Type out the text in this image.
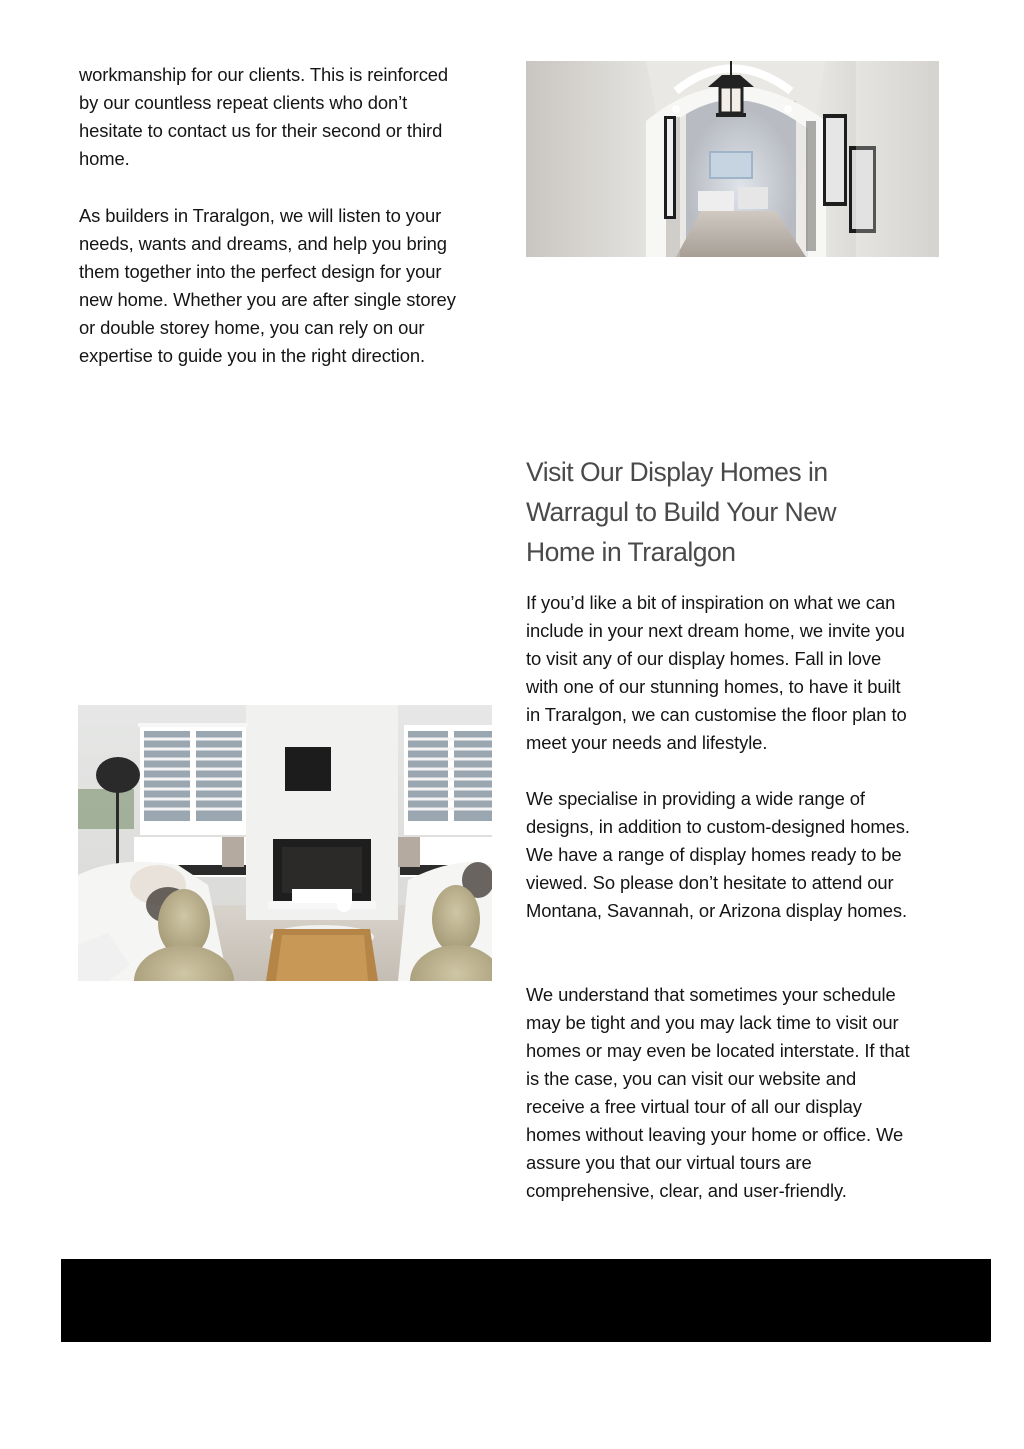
workmanship for our clients. This is reinforced by our countless repeat clients who don’t hesitate to contact us for their second or third home.

As builders in Traralgon, we will listen to your needs, wants and dreams, and help you bring them together into the perfect design for your new home. Whether you are after single storey or double storey home, you can rely on our expertise to guide you in the right direction.

Visit Our Display Homes in Warragul to Build Your New Home in Traralgon

If you’d like a bit of inspiration on what we can include in your next dream home, we invite you to visit any of our display homes. Fall in love with one of our stunning homes, to have it built in Traralgon, we can customise the floor plan to meet your needs and lifestyle.

We specialise in providing a wide range of designs, in addition to custom-designed homes. We have a range of display homes ready to be viewed. So please don’t hesitate to attend our Montana, Savannah, or Arizona display homes.

We understand that sometimes your schedule may be tight and you may lack time to visit our homes or may even be located interstate. If that is the case, you can visit our website and receive a free virtual tour of all our display homes without leaving your home or office. We assure you that our virtual tours are comprehensive, clear, and user-friendly.
